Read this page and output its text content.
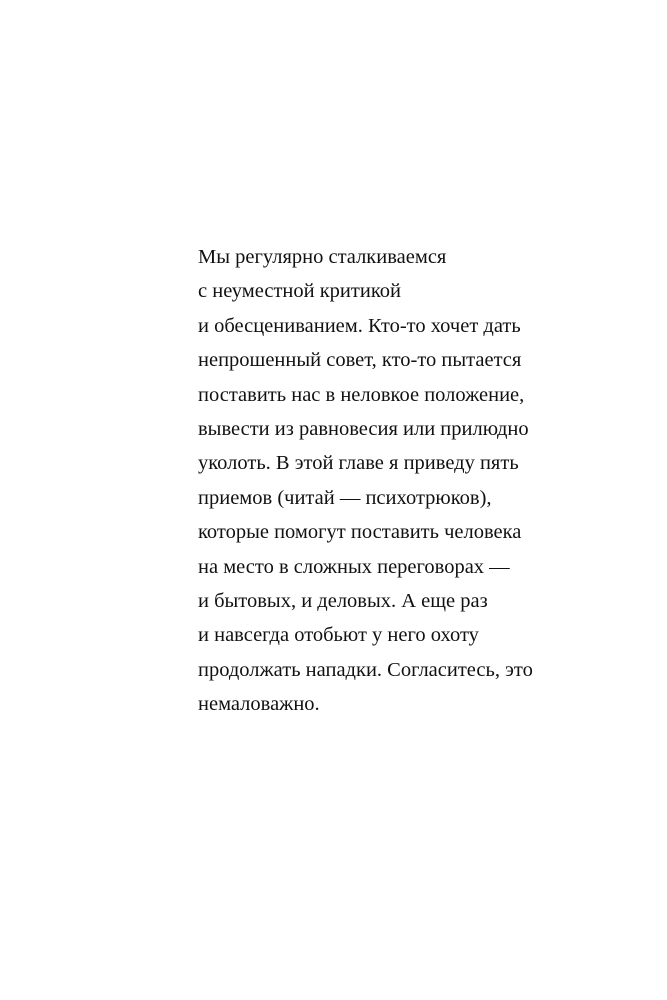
Мы регулярно сталкиваемся
с неуместной критикой
и обесцениванием. Кто-то хочет дать
непрошенный совет, кто-то пытается
поставить нас в неловкое положение,
вывести из равновесия или прилюдно
уколоть. В этой главе я приведу пять
приемов (читай — психотрюков),
которые помогут поставить человека
на место в сложных переговорах —
и бытовых, и деловых. А еще раз
и навсегда отобьют у него охоту
продолжать нападки. Согласитесь, это
немаловажно.
